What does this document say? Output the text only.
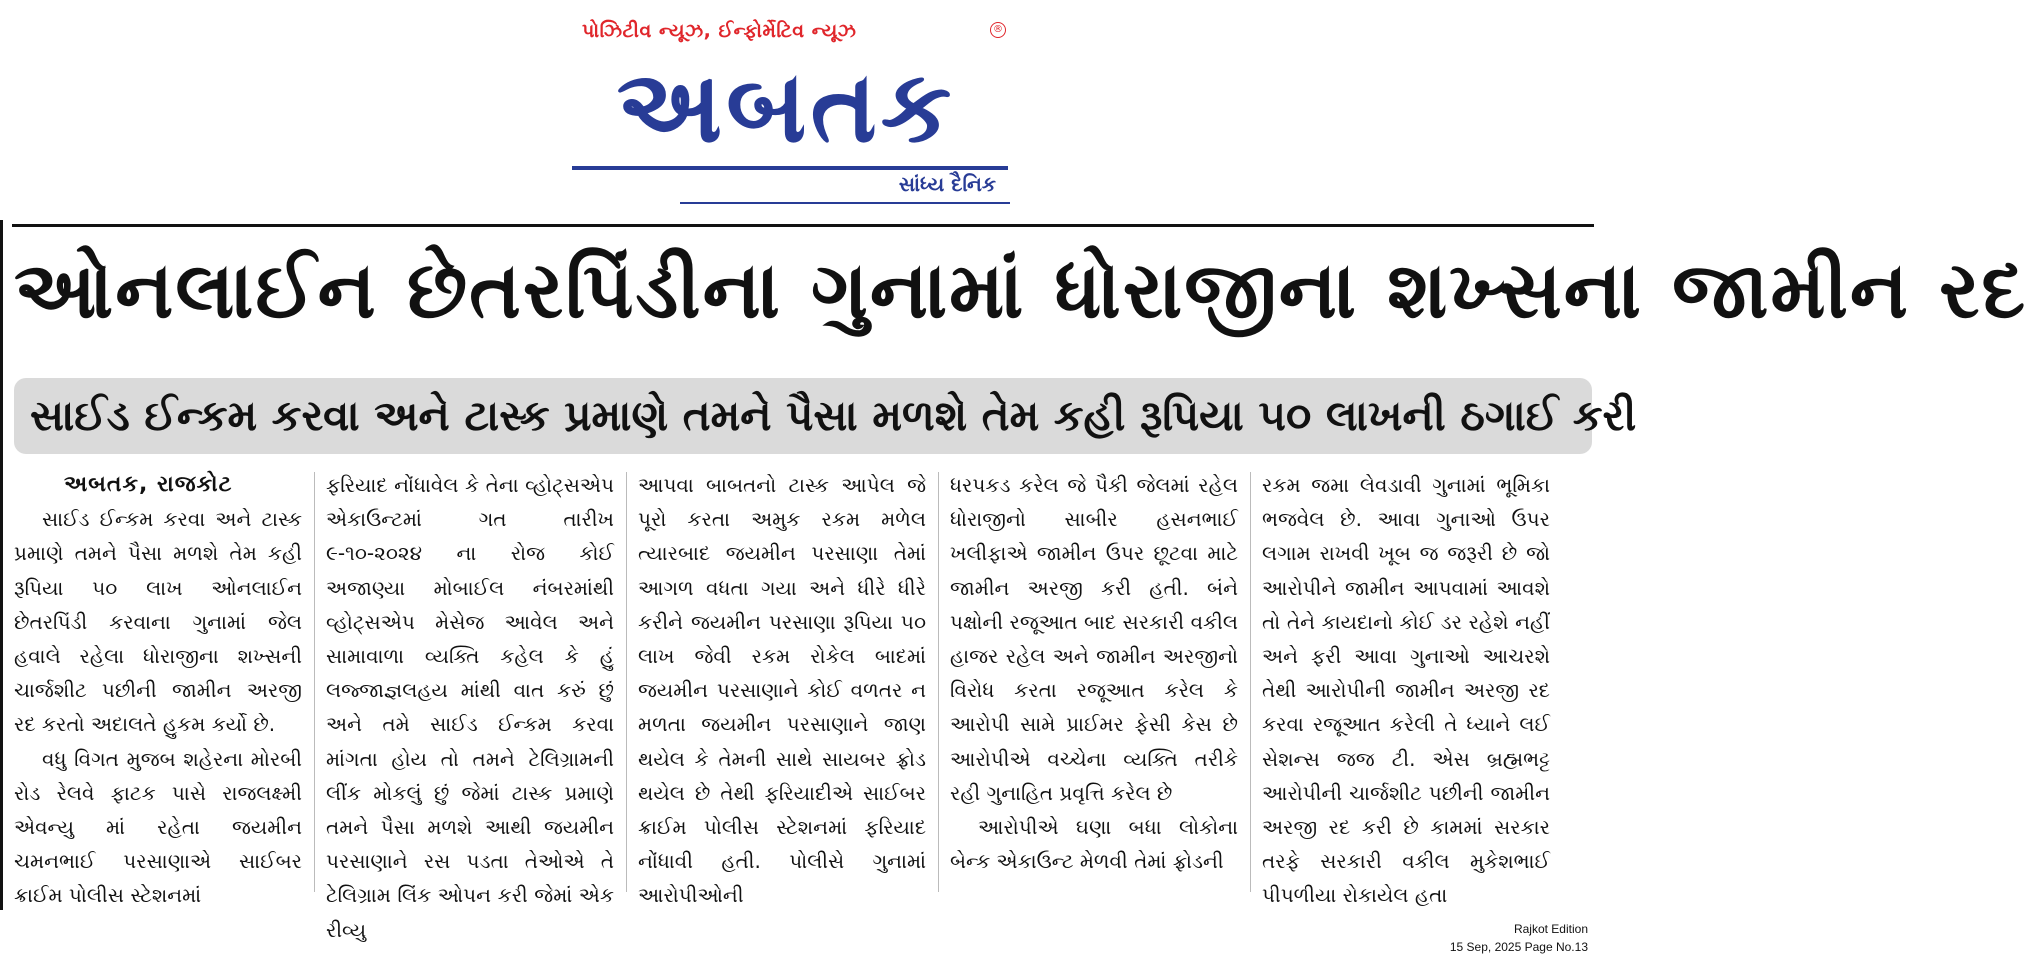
પોઝિટીવ ન્યૂઝ, ઈન્ફોર્મેટિવ ન્યૂઝ	®
અબતક
સાંધ્ય દૈનિક
ઓનલાઈન છેતરપિંડીના ગુનામાં ધોરાજીના શખ્સના જામીન રદ
સાઈડ ઈન્કમ કરવા અને ટાસ્ક પ્રમાણે તમને પૈસા મળશે તેમ કહી રૂપિયા ૫૦ લાખની ઠગાઈ કરી

અબતક, રાજકોટ

સાઈડ ઈન્કમ કરવા અને ટાસ્ક પ્રમાણે તમને પૈસા મળશે તેમ કહી રૂપિયા ૫૦ લાખ ઓનલાઈન છેતરપિંડી કરવાના ગુનામાં જેલ હવાલે રહેલા ધોરાજીના શખ્સની ચાર્જશીટ પછીની જામીન અરજી રદ કરતો અદાલતે હુકમ કર્યો છે.

વધુ વિગત મુજબ શહેરના મોરબી રોડ રેલવે ફાટક પાસે રાજલક્ષ્મી એવન્યુ માં રહેતા જયમીન ચમનભાઈ પરસાણાએ સાઈબર ક્રાઈમ પોલીસ સ્ટેશનમાં

ફરિયાદ નોંધાવેલ કે તેના વ્હોટ્સએપ એકાઉન્ટમાં ગત તારીખ ૯-૧૦-૨૦૨૪ ના રોજ કોઈ અજાણ્યા મોબાઈલ નંબરમાંથી વ્હોટ્સએપ મેસેજ આવેલ અને સામાવાળા વ્યક્તિ કહેલ કે હું લજ્જાજ્ઞલહય માંથી વાત કરું છું અને તમે સાઈડ ઈન્કમ કરવા માંગતા હોય તો તમને ટેલિગ્રામની લીંક મોકલું છું જેમાં ટાસ્ક પ્રમાણે તમને પૈસા મળશે આથી જયમીન પરસાણાને રસ પડતા તેઓએ તે ટેલિગ્રામ લિંક ઓપન કરી જેમાં એક રીવ્યુ

આપવા બાબતનો ટાસ્ક આપેલ જે પૂરો કરતા અમુક રકમ મળેલ ત્યારબાદ જયમીન પરસાણા તેમાં આગળ વધતા ગયા અને ધીરે ધીરે કરીને જયમીન પરસાણા રૂપિયા ૫૦ લાખ જેવી રકમ રોકેલ બાદમાં જયમીન પરસાણાને કોઈ વળતર ન મળતા જયમીન પરસાણાને જાણ થયેલ કે તેમની સાથે સાયબર ફ્રોડ થયેલ છે તેથી ફરિયાદીએ સાઈબર ક્રાઈમ પોલીસ સ્ટેશનમાં ફરિયાદ નોંધાવી હતી. પોલીસે ગુનામાં આરોપીઓની

ધરપકડ કરેલ જે પૈકી જેલમાં રહેલ ધોરાજીનો સાબીર હસનભાઈ ખલીફાએ જામીન ઉપર છૂટવા માટે જામીન અરજી કરી હતી. બંને પક્ષોની રજૂઆત બાદ સરકારી વકીલ હાજર રહેલ અને જામીન અરજીનો વિરોધ કરતા રજૂઆત કરેલ કે આરોપી સામે પ્રાઈમર ફેસી કેસ છે આરોપીએ વચ્ચેના વ્યક્તિ તરીકે રહી ગુનાહિત પ્રવૃત્તિ કરેલ છે

આરોપીએ ઘણા બધા લોકોના બેન્ક એકાઉન્ટ મેળવી તેમાં ફ્રોડની

રકમ જમા લેવડાવી ગુનામાં ભૂમિકા ભજવેલ છે. આવા ગુનાઓ ઉપર લગામ રાખવી ખૂબ જ જરૂરી છે જો આરોપીને જામીન આપવામાં આવશે તો તેને કાયદાનો કોઈ ડર રહેશે નહીં અને ફરી આવા ગુનાઓ આચરશે તેથી આરોપીની જામીન અરજી રદ કરવા રજૂઆત કરેલી તે ધ્યાને લઈ સેશન્સ જજ ટી. એસ બ્રહ્મભટ્ટ આરોપીની ચાર્જશીટ પછીની જામીન અરજી રદ કરી છે કામમાં સરકાર તરફે સરકારી વકીલ મુકેશભાઈ પીપળીયા રોકાયેલ હતા

Rajkot Edition
15 Sep, 2025 Page No.13
